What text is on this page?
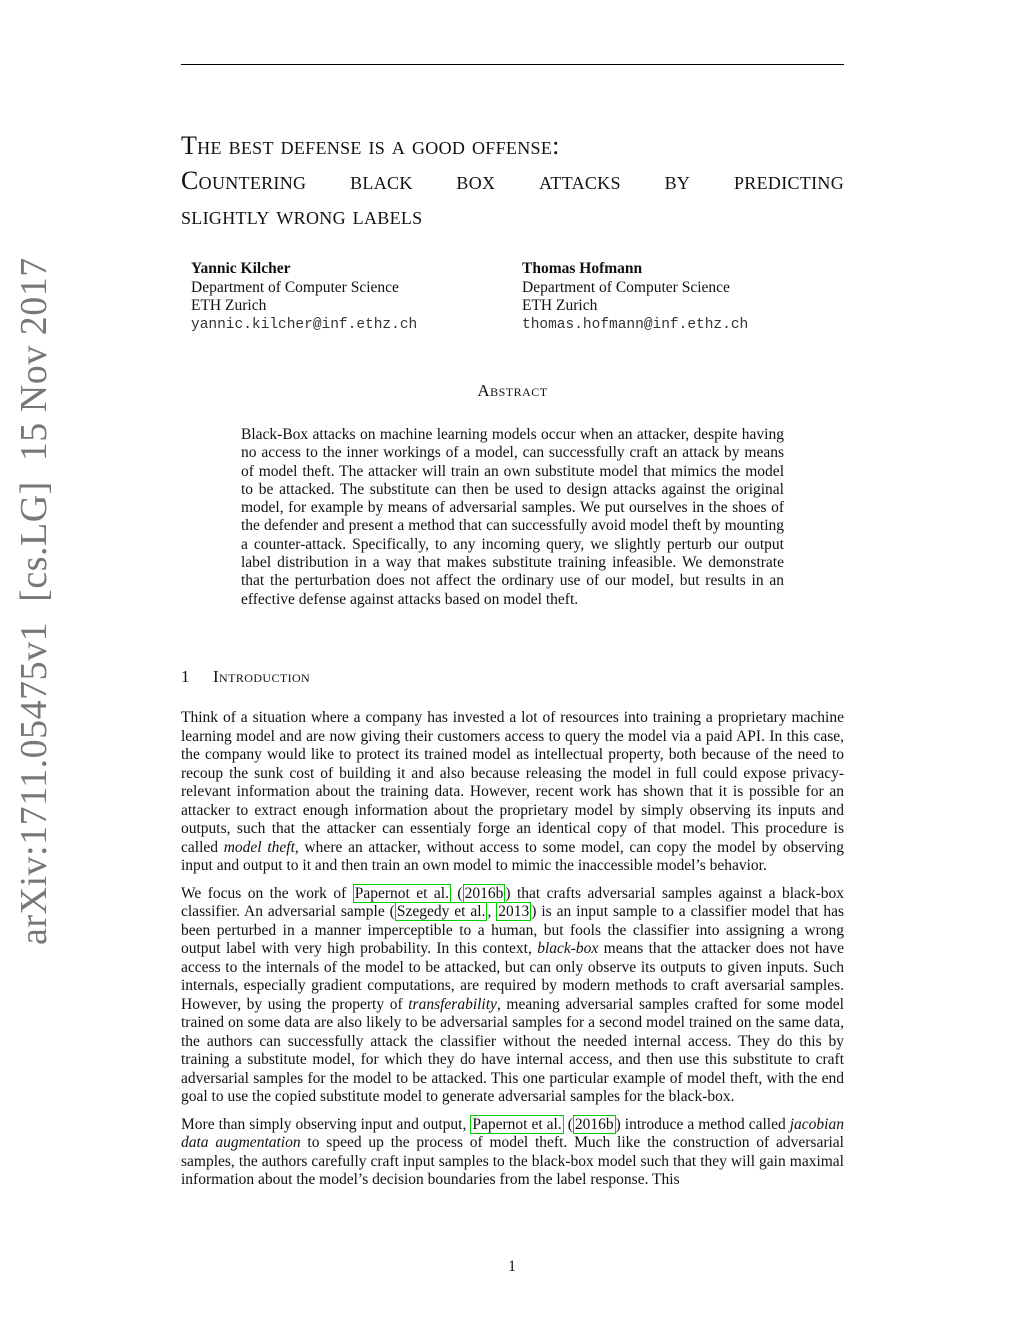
The best defense is a good offense:
Countering black box attacks by predicting
slightly wrong labels
Yannic Kilcher
Department of Computer Science
ETH Zurich
yannic.kilcher@inf.ethz.ch
Thomas Hofmann
Department of Computer Science
ETH Zurich
thomas.hofmann@inf.ethz.ch
Abstract
Black-Box attacks on machine learning models occur when an attacker, despite having no access to the inner workings of a model, can successfully craft an attack by means of model theft. The attacker will train an own substitute model that mimics the model to be attacked. The substitute can then be used to design attacks against the original model, for example by means of adversarial samples. We put ourselves in the shoes of the defender and present a method that can successfully avoid model theft by mounting a counter-attack. Specifically, to any incoming query, we slightly perturb our output label distribution in a way that makes substitute training infeasible. We demonstrate that the perturbation does not affect the ordinary use of our model, but results in an effective defense against attacks based on model theft.
1 Introduction

Think of a situation where a company has invested a lot of resources into training a proprietary machine learning model and are now giving their customers access to query the model via a paid API. In this case, the company would like to protect its trained model as intellectual property, both because of the need to recoup the sunk cost of building it and also because releasing the model in full could expose privacy-relevant information about the training data. However, recent work has shown that it is possible for an attacker to extract enough information about the proprietary model by simply observing its inputs and outputs, such that the attacker can essentialy forge an identical copy of that model. This procedure is called model theft, where an attacker, without access to some model, can copy the model by observing input and output to it and then train an own model to mimic the inaccessible model’s behavior.

We focus on the work of Papernot et al. ( 2016b ) that crafts adversarial samples against a black-box classifier. An adversarial sample ( Szegedy et al. , 2013 ) is an input sample to a classifier model that has been perturbed in a manner imperceptible to a human, but fools the classifier into assigning a wrong output label with very high probability. In this context, black-box means that the attacker does not have access to the internals of the model to be attacked, but can only observe its outputs to given inputs. Such internals, especially gradient computations, are required by modern methods to craft aversarial samples. However, by using the property of transferability, meaning adversarial samples crafted for some model trained on some data are also likely to be adversarial samples for a second model trained on the same data, the authors can successfully attack the classifier without the needed internal access. They do this by training a substitute model, for which they do have internal access, and then use this substitute to craft adversarial samples for the model to be attacked. This one particular example of model theft, with the end goal to use the copied substitute model to generate adversarial samples for the black-box.

More than simply observing input and output, Papernot et al. ( 2016b ) introduce a method called jacobian data augmentation to speed up the process of model theft. Much like the construction of adversarial samples, the authors carefully craft input samples to the black-box model such that they will gain maximal information about the model’s decision boundaries from the label response. This

1
arXiv:1711.05475v1  [cs.LG]  15 Nov 2017
